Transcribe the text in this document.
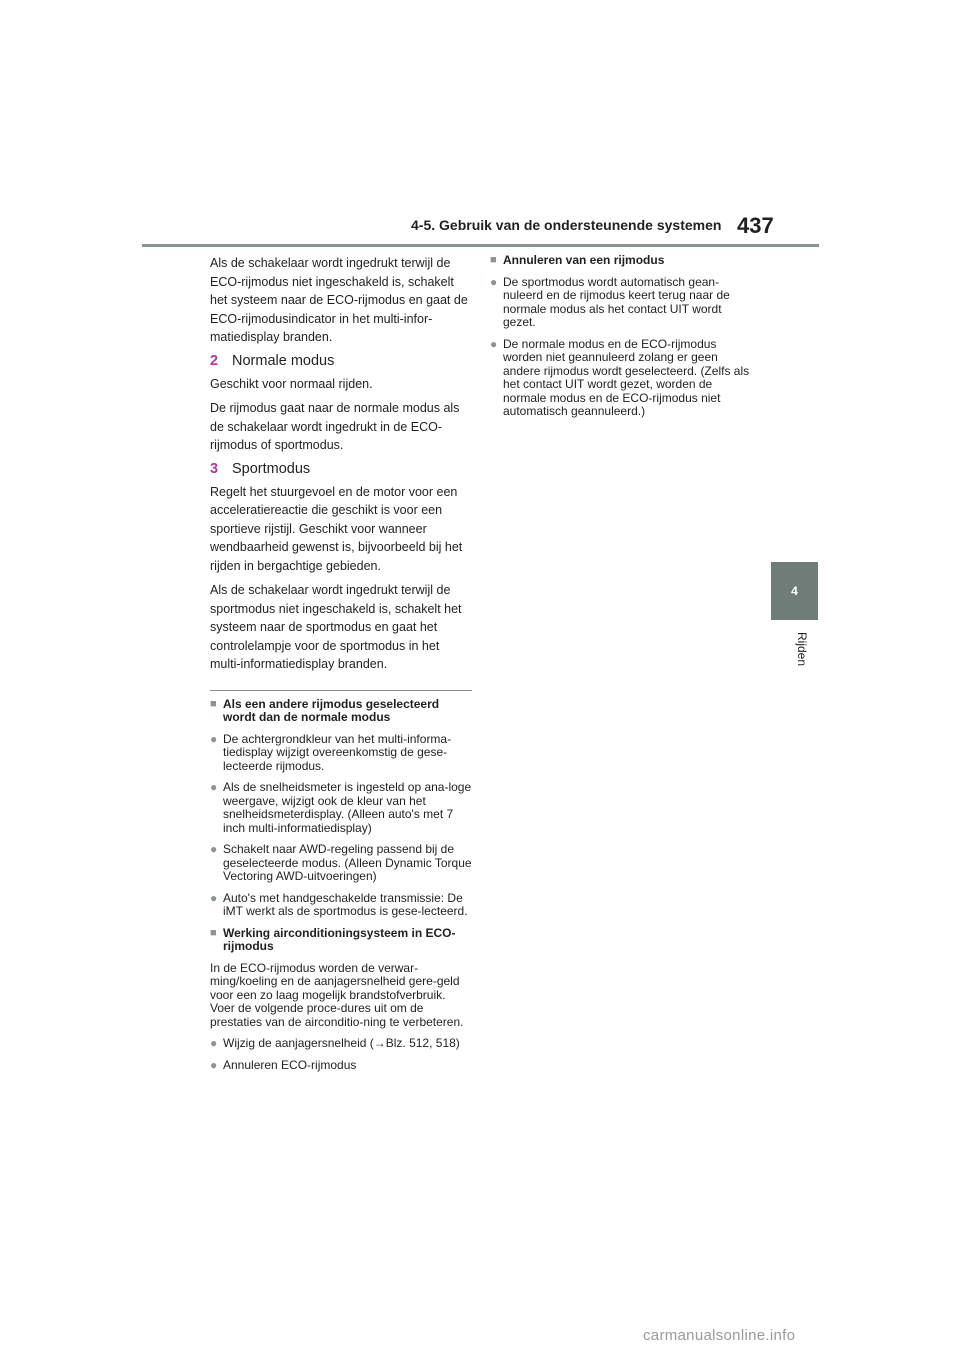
4-5. Gebruik van de ondersteunende systemen 437
4
Rijden

Als de schakelaar wordt ingedrukt terwijl de ECO-rijmodus niet ingeschakeld is, schakelt het systeem naar de ECO-rijmodus en gaat de ECO-rijmodusindicator in het multi-infor-matiedisplay branden.

2 Normale modus

Geschikt voor normaal rijden.

De rijmodus gaat naar de normale modus als de schakelaar wordt ingedrukt in de ECO-rijmodus of sportmodus.

3 Sportmodus

Regelt het stuurgevoel en de motor voor een acceleratiereactie die geschikt is voor een sportieve rijstijl. Geschikt voor wanneer wendbaarheid gewenst is, bijvoorbeeld bij het rijden in bergachtige gebieden.

Als de schakelaar wordt ingedrukt terwijl de sportmodus niet ingeschakeld is, schakelt het systeem naar de sportmodus en gaat het controlelampje voor de sportmodus in het multi-informatiedisplay branden.

■ Als een andere rijmodus geselecteerd wordt dan de normale modus
● De achtergrondkleur van het multi-informa-tiedisplay wijzigt overeenkomstig de gese-lecteerde rijmodus.
● Als de snelheidsmeter is ingesteld op ana-loge weergave, wijzigt ook de kleur van het snelheidsmeterdisplay. (Alleen auto's met 7 inch multi-informatiedisplay)
● Schakelt naar AWD-regeling passend bij de geselecteerde modus. (Alleen Dynamic Torque Vectoring AWD-uitvoeringen)
● Auto's met handgeschakelde transmissie: De iMT werkt als de sportmodus is gese-lecteerd.
■ Werking airconditioningsysteem in ECO-rijmodus
In de ECO-rijmodus worden de verwar-ming/koeling en de aanjagersnelheid gere-geld voor een zo laag mogelijk brandstofverbruik. Voer de volgende proce-dures uit om de prestaties van de airconditio-ning te verbeteren.
● Wijzig de aanjagersnelheid (→Blz. 512, 518)
● Annuleren ECO-rijmodus
■ Annuleren van een rijmodus
● De sportmodus wordt automatisch gean-nuleerd en de rijmodus keert terug naar de normale modus als het contact UIT wordt gezet.
● De normale modus en de ECO-rijmodus worden niet geannuleerd zolang er geen andere rijmodus wordt geselecteerd. (Zelfs als het contact UIT wordt gezet, worden de normale modus en de ECO-rijmodus niet automatisch geannuleerd.)
carmanualsonline.info
